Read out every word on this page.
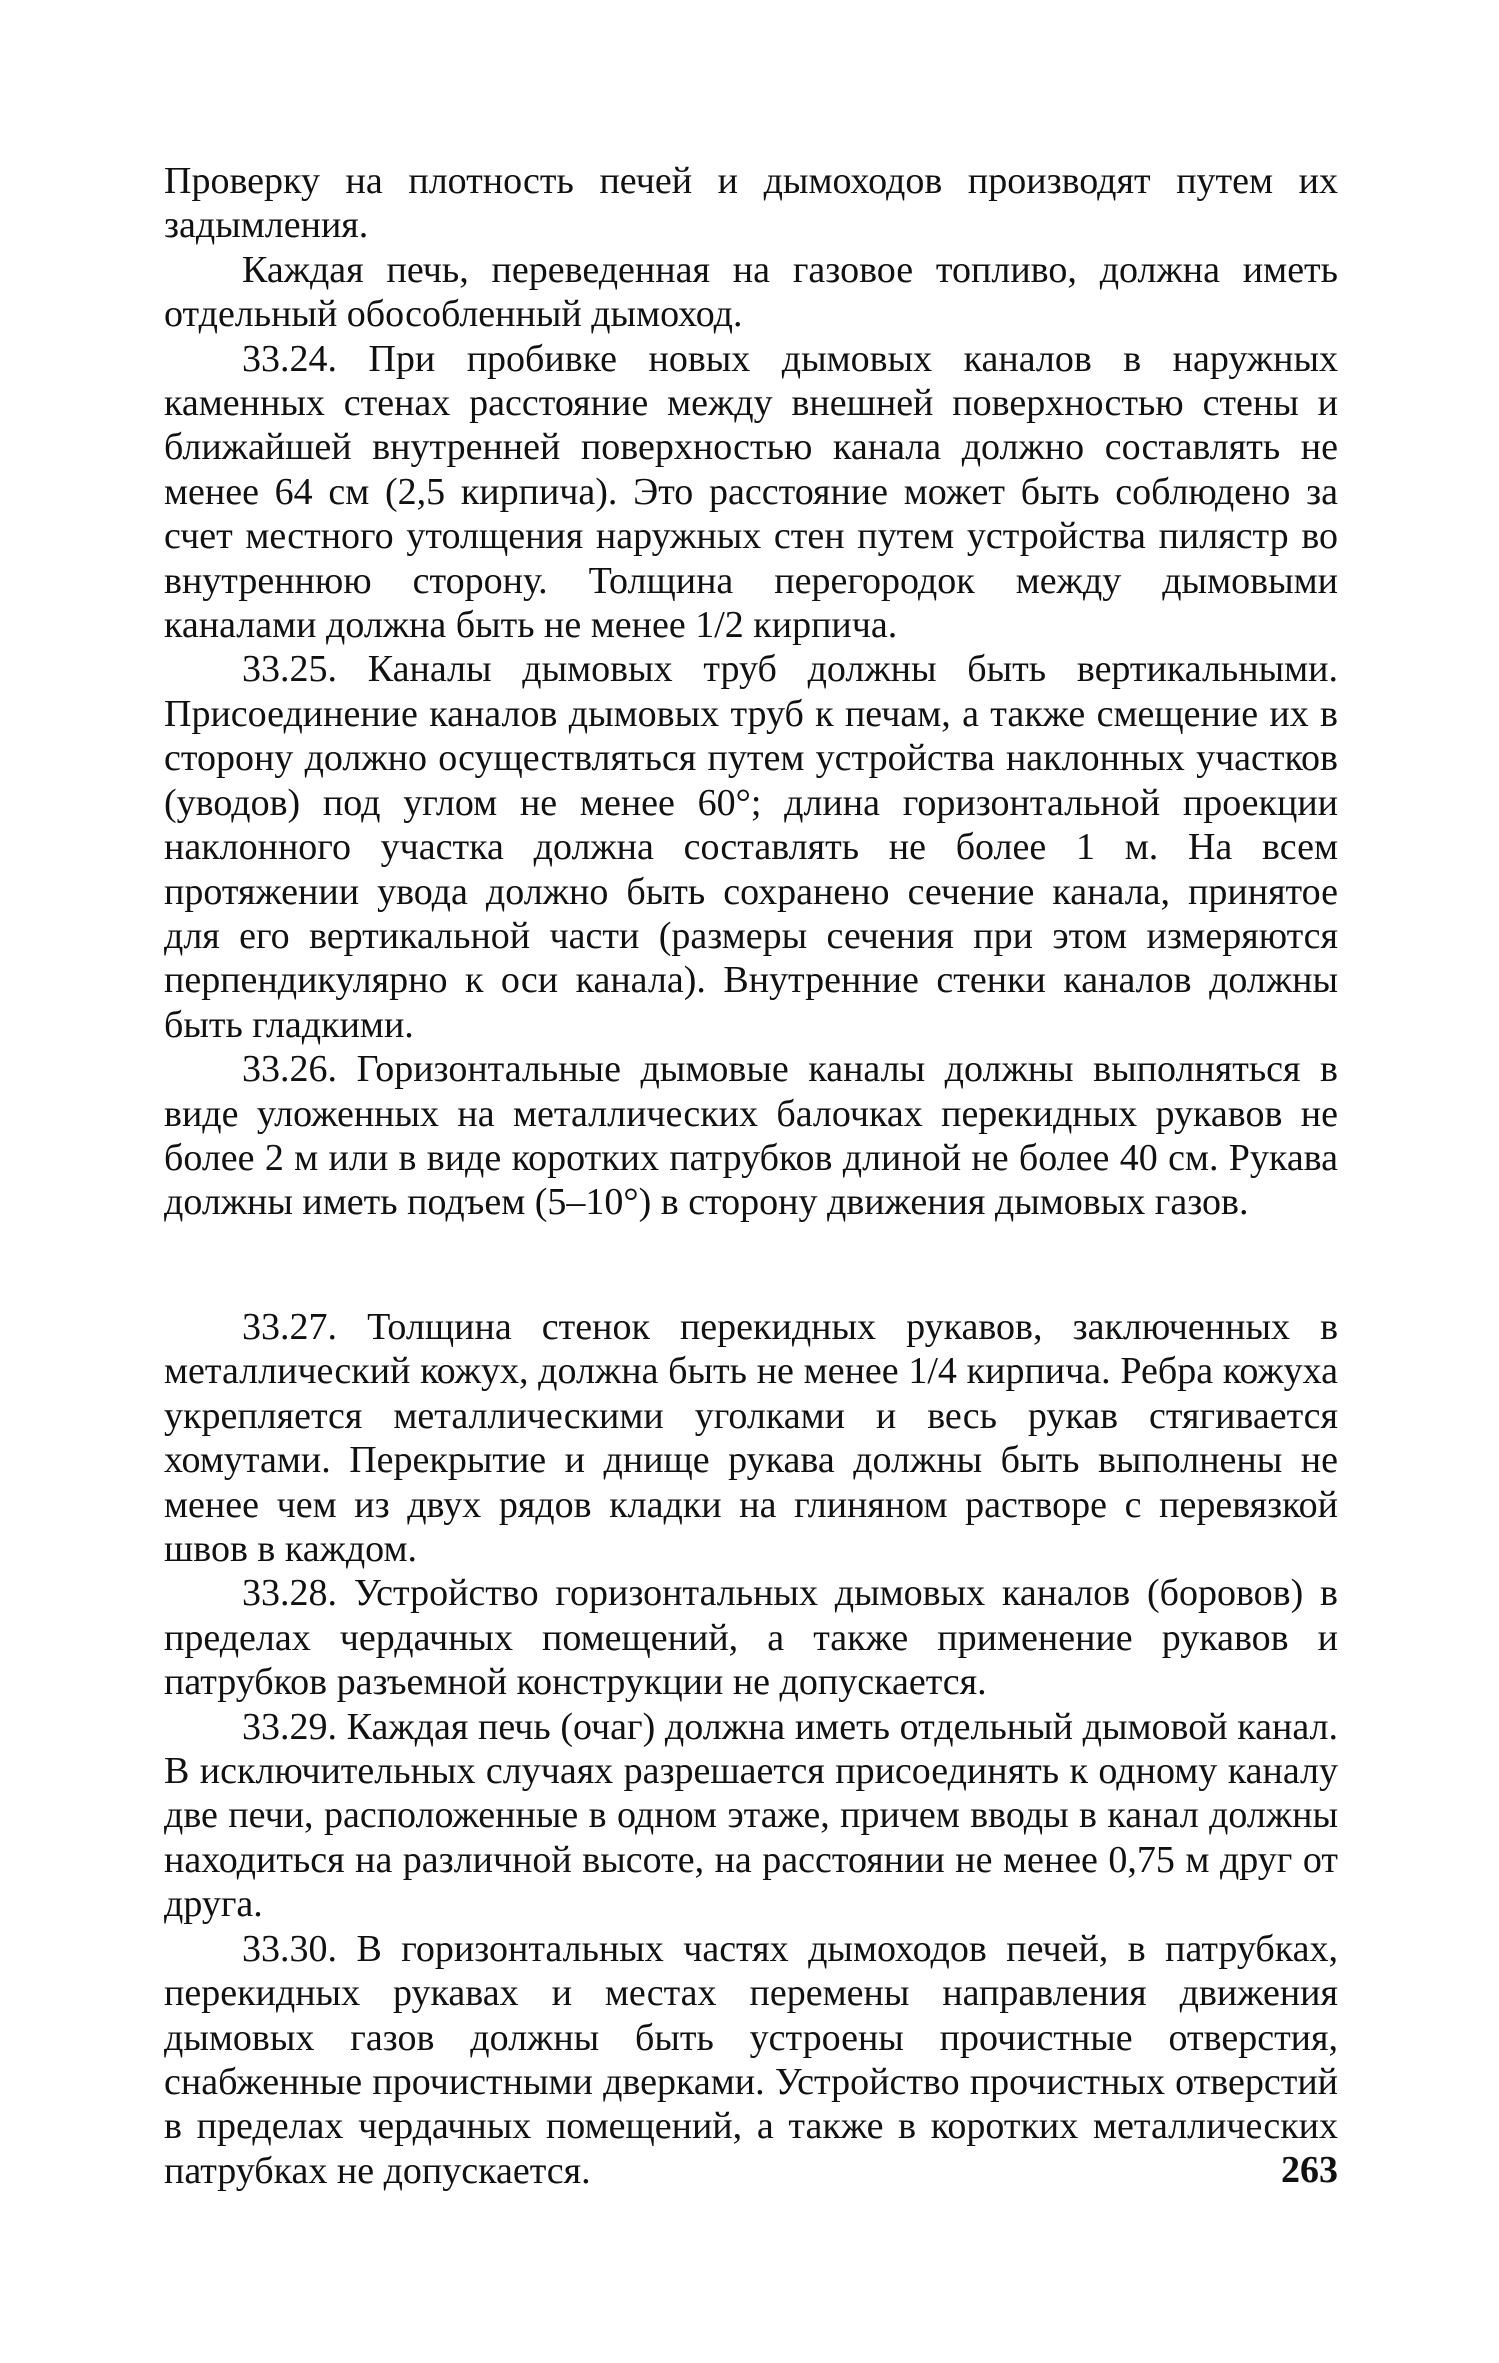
Проверку на плотность печей и дымоходов производят путем их задымления.

Каждая печь, переведенная на газовое топливо, должна иметь отдельный обособленный дымоход.

33.24. При пробивке новых дымовых каналов в наружных каменных стенах расстояние между внешней поверхностью стены и ближайшей внутренней поверхностью канала должно составлять не менее 64 см (2,5 кирпича). Это расстояние может быть соблюдено за счет местного утолщения наружных стен путем устройства пилястр во внутреннюю сторону. Толщина перегородок между дымовыми каналами должна быть не менее 1/2 кирпича.

33.25. Каналы дымовых труб должны быть вертикальными. Присоединение каналов дымовых труб к печам, а также смещение их в сторону должно осуществляться путем устройства наклонных участков (уводов) под углом не менее 60°; длина горизонтальной проекции наклонного участка должна составлять не более 1 м. На всем протяжении увода должно быть сохранено сечение канала, принятое для его вертикальной части (размеры сечения при этом измеряются перпендикулярно к оси канала). Внутренние стенки каналов должны быть гладкими.

33.26. Горизонтальные дымовые каналы должны выполняться в виде уложенных на металлических балочках перекидных рукавов не более 2 м или в виде коротких патрубков длиной не более 40 см. Рукава должны иметь подъем (5–10°) в сторону движения дымовых газов.

33.27. Толщина стенок перекидных рукавов, заключенных в металлический кожух, должна быть не менее 1/4 кирпича. Ребра кожуха укрепляется металлическими уголками и весь рукав стягивается хомутами. Перекрытие и днище рукава должны быть выполнены не менее чем из двух рядов кладки на глиняном растворе с перевязкой швов в каждом.

33.28. Устройство горизонтальных дымовых каналов (боровов) в пределах чердачных помещений, а также применение рукавов и патрубков разъемной конструкции не допускается.

33.29. Каждая печь (очаг) должна иметь отдельный дымовой канал. В исключительных случаях разрешается присоединять к одному каналу две печи, расположенные в одном этаже, причем вводы в канал должны находиться на различной высоте, на расстоянии не менее 0,75 м друг от друга.

33.30. В горизонтальных частях дымоходов печей, в патрубках, перекидных рукавах и местах перемены направления движения дымовых газов должны быть устроены прочистные отверстия, снабженные прочистными дверками. Устройство прочистных отверстий в пределах чердачных помещений, а также в коротких металлических патрубках не допускается.	263
